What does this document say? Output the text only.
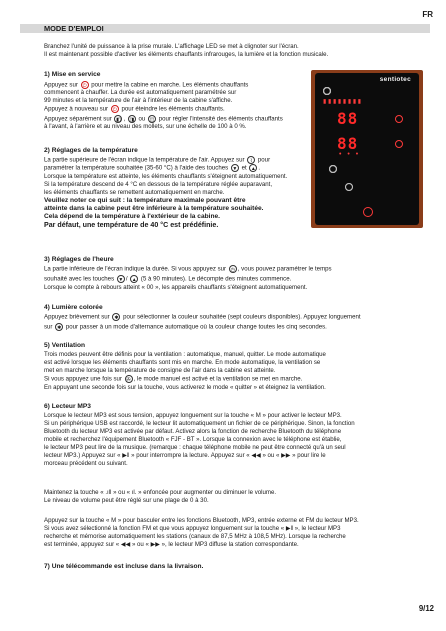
FR
MODE D'EMPLOI

Branchez l'unité de puissance à la prise murale. L'affichage LED se met à clignoter sur l'écran.

Il est maintenant possible d'activer les éléments chauffants infrarouges, la lumière et la fonction musicale.

1) Mise en service

Appuyez sur ⏻ pour mettre la cabine en marche. Les éléments chauffants

commencent à chauffer. La durée est automatiquement paramétrée sur

99 minutes et la température de l'air à l'intérieur de la cabine s'affiche.

Appuyez à nouveau sur ⏻ pour éteindre les éléments chauffants.

Appuyez séparément sur ◧ , ◨ ou ◫ pour régler l'intensité des éléments chauffants

à l'avant, à l'arrière et au niveau des mollets, sur une échelle de 100 à 0 %.

2) Réglages de la température

La partie supérieure de l'écran indique la température de l'air. Appuyez sur ⌇ pour

paramétrer la température souhaitée (35-60 °C) à l'aide des touches ▼ et ▲ .

Lorsque la température est atteinte, les éléments chauffants s'éteignent automatiquement.

Si la température descend de 4 °C en dessous de la température réglée auparavant,

les éléments chauffants se remettent automatiquement en marche.

Veuillez noter ce qui suit : la température maximale pouvant être

atteinte dans la cabine peut être inférieure à la température souhaitée.

Cela dépend de la température à l'extérieur de la cabine.

Par défaut, une température de 40 °C est prédéfinie.

sentiotec
▮ ▮ ▮ ▮ ▮ ▮ ▮ ▮
88
88
• • •

3) Réglages de l'heure

La partie inférieure de l'écran indique la durée. Si vous appuyez sur ◷ , vous pouvez paramétrer le temps

souhaité avec les touches ▼ / ▲ (5 à 90 minutes). Le décompte des minutes commence.

Lorsque le compte à rebours atteint « 00 », les appareils chauffants s'éteignent automatiquement.

4) Lumière colorée

Appuyez brièvement sur ✱ pour sélectionner la couleur souhaitée (sept couleurs disponibles). Appuyez longuement

sur ✱ pour passer à un mode d'alternance automatique où la couleur change toutes les cinq secondes.

5) Ventilation

Trois modes peuvent être définis pour la ventilation : automatique, manuel, quitter. Le mode automatique

est activé lorsque les éléments chauffants sont mis en marche. En mode automatique, la ventilation se

met en marche lorsque la température de consigne de l'air dans la cabine est atteinte.

Si vous appuyez une fois sur ✇ , le mode manuel est activé et la ventilation se met en marche.

En appuyant une seconde fois sur la touche, vous activerez le mode « quitter » et éteignez la ventilation.

6) Lecteur MP3

Lorsque le lecteur MP3 est sous tension, appuyez longuement sur la touche « M » pour activer le lecteur MP3.

Si un périphérique USB est raccordé, le lecteur lit automatiquement un fichier de ce périphérique. Sinon, la fonction

Bluetooth du lecteur MP3 est activée par défaut. Activez alors la fonction de recherche Bluetooth du téléphone

mobile et recherchez l'équipement Bluetooth « FJF - BT ». Lorsque la connexion avec le téléphone est établie,

le lecteur MP3 peut lire de la musique. (remarque : chaque téléphone mobile ne peut être connecté qu'à un seul

lecteur MP3.) Appuyez sur « ▶‖ » pour interrompre la lecture. Appuyez sur « ◀◀ » ou « ▶▶ » pour lire le

morceau précédent ou suivant.

Maintenez la touche « .ıll » ou « ıl. » enfoncée pour augmenter ou diminuer le volume.

Le niveau de volume peut être réglé sur une plage de 0 à 30.

Appuyez sur la touche « M » pour basculer entre les fonctions Bluetooth, MP3, entrée externe et FM du lecteur MP3.

Si vous avez sélectionné la fonction FM et que vous appuyez longuement sur la touche « ▶‖ », le lecteur MP3

recherche et mémorise automatiquement les stations (canaux de 87,5 MHz à 108,5 MHz). Lorsque la recherche

est terminée, appuyez sur « ◀◀ » ou « ▶▶ », le lecteur MP3 diffuse la station correspondante.

7) Une télécommande est incluse dans la livraison.

9/12
